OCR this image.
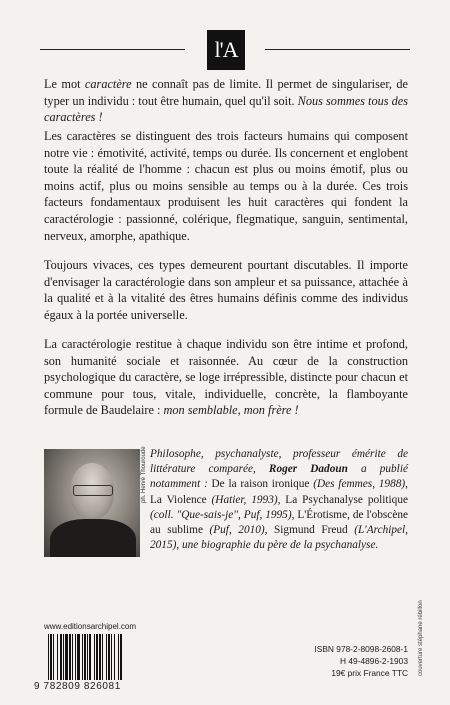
l'A

Le mot caractère ne connaît pas de limite. Il permet de singulariser, de typer un individu : tout être humain, quel qu'il soit. Nous sommes tous des caractères !

Les caractères se distinguent des trois facteurs humains qui composent notre vie : émotivité, activité, temps ou durée. Ils concernent et englobent toute la réalité de l'homme : chacun est plus ou moins émotif, plus ou moins actif, plus ou moins sensible au temps ou à la durée. Ces trois facteurs fondamentaux produisent les huit caractères qui fondent la caractérologie : passionné, colérique, flegmatique, sanguin, sentimental, nerveux, amorphe, apathique.

Toujours vivaces, ces types demeurent pourtant discutables. Il importe d'envisager la caractérologie dans son ampleur et sa puissance, attachée à la qualité et à la vitalité des êtres humains définis comme des individus égaux à la portée universelle.

La caractérologie restitue à chaque individu son être intime et profond, son humanité sociale et raisonnée. Au cœur de la construction psychologique du caractère, se loge irrépressible, distincte pour chacun et commune pour tous, vitale, individuelle, concrète, la flamboyante formule de Baudelaire : mon semblable, mon frère !

ph. Hervé Thouroude Philosophe, psychanalyste, professeur émérite de littérature comparée, Roger Dadoun a publié notamment : De la raison ironique (Des femmes, 1988), La Violence (Hatier, 1993), La Psychanalyse politique (coll. "Que-sais-je", Puf, 1995), L'Érotisme, de l'obscène au sublime (Puf, 2010), Sigmund Freud (L'Archipel, 2015), une biographie du père de la psychanalyse.

www.editionsarchipel.com
9 782809 826081
ISBN 978-2-8098-2608-1
H 49-4896-2-1903
19€ prix France TTC couverture stéphane rébillon
